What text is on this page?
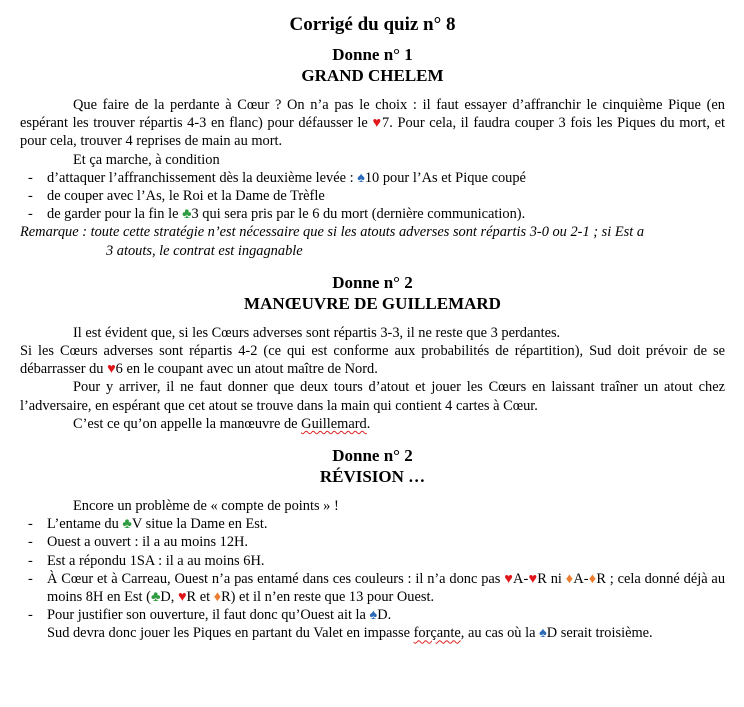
Corrigé du quiz n° 8
Donne n° 1
GRAND CHELEM

Que faire de la perdante à Cœur ? On n’a pas le choix : il faut essayer d’affranchir le cinquième Pique (en espérant les trouver répartis 4-3 en flanc) pour défausser le ♥7. Pour cela, il faudra couper 3 fois les Piques du mort, et pour cela, trouver 4 reprises de main au mort.

Et ça marche, à condition

- d’attaquer l’affranchissement dès la deuxième levée : ♠10 pour l’As et Pique coupé

- de couper avec l’As, le Roi et la Dame de Trèfle

- de garder pour la fin le ♣3 qui sera pris par le 6 du mort (dernière communication).

Remarque : toute cette stratégie n’est nécessaire que si les atouts adverses sont répartis 3-0 ou 2-1 ; si Est a

3 atouts, le contrat est ingagnable

Donne n° 2
MANŒUVRE DE GUILLEMARD

Il est évident que, si les Cœurs adverses sont répartis 3-3, il ne reste que 3 perdantes.

Si les Cœurs adverses sont répartis 4-2 (ce qui est conforme aux probabilités de répartition), Sud doit prévoir de se débarrasser du ♥6 en le coupant avec un atout maître de Nord.

Pour y arriver, il ne faut donner que deux tours d’atout et jouer les Cœurs en laissant traîner un atout chez l’adversaire, en espérant que cet atout se trouve dans la main qui contient 4 cartes à Cœur.

C’est ce qu’on appelle la manœuvre de Guillemard.

Donne n° 2
RÉVISION …

Encore un problème de « compte de points » !

- L’entame du ♣V situe la Dame en Est.

- Ouest a ouvert : il a au moins 12H.

- Est a répondu 1SA : il a au moins 6H.

- À Cœur et à Carreau, Ouest n’a pas entamé dans ces couleurs : il n’a donc pas ♥A-♥R ni ♦A-♦R ; cela donné déjà au moins 8H en Est (♣D, ♥R et ♦R) et il n’en reste que 13 pour Ouest.

- Pour justifier son ouverture, il faut donc qu’Ouest ait la ♠D.

Sud devra donc jouer les Piques en partant du Valet en impasse forçante, au cas où la ♠D serait troisième.
